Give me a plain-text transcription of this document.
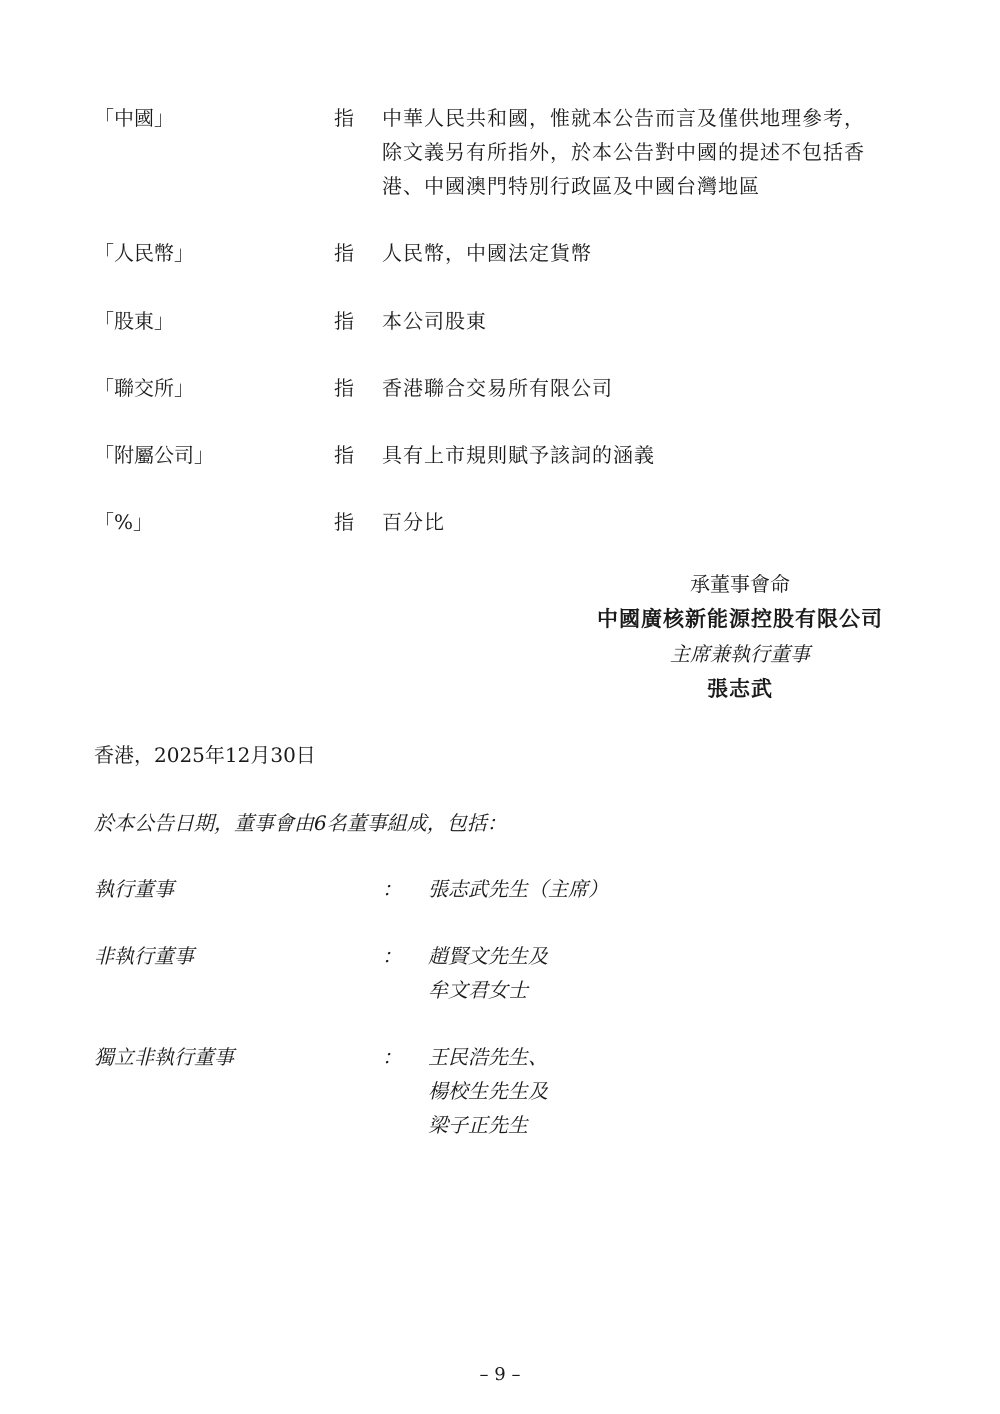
「中國」	指 中華人民共和國，惟就本公告而言及僅供地理參考，
除文義另有所指外，於本公告對中國的提述不包括香
港、中國澳門特別行政區及中國台灣地區
「人民幣」	指 人民幣，中國法定貨幣
「股東」	指 本公司股東
「聯交所」	指 香港聯合交易所有限公司
「附屬公司」	指 具有上市規則賦予該詞的涵義
「%」	指 百分比
承董事會命
中國廣核新能源控股有限公司
主席兼執行董事
張志武
香港，2025年12月30日
於本公告日期，董事會由6名董事組成，包括：
執行董事	： 張志武先生（主席）
非執行董事	： 趙賢文先生及
牟文君女士
獨立非執行董事	： 王民浩先生、
楊校生先生及
梁子正先生
– 9 –
